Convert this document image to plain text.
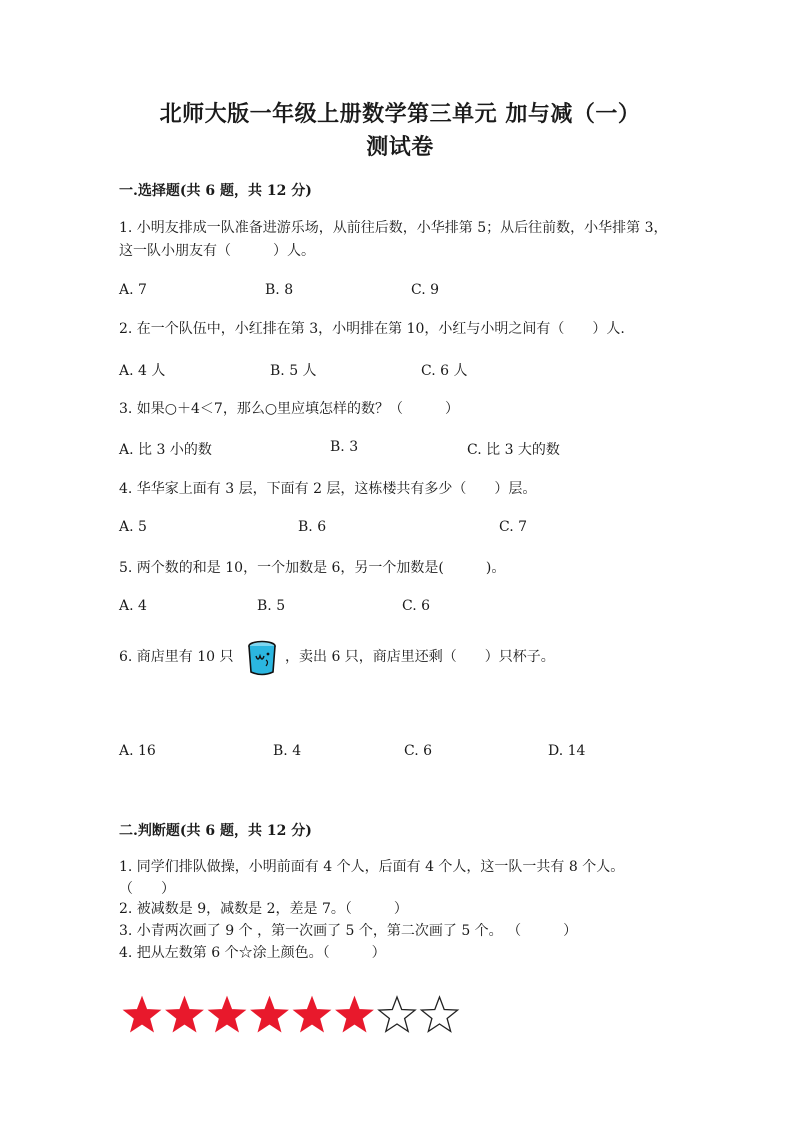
北师大版一年级上册数学第三单元 加与减（一）
测试卷
一.选择题(共 6 题，共 12 分)
1. 小明友排成一队准备进游乐场，从前往后数，小华排第 5；从后往前数，小华排第 3，这一队小朋友有（　　　）人。
A. 7	B. 8	C. 9
2. 在一个队伍中，小红排在第 3，小明排在第 10，小红与小明之间有（　　）人.
A. 4 人	B. 5 人	C. 6 人
3. 如果○＋4＜7，那么○里应填怎样的数？（　　　）
A. 比 3 小的数	B. 3	C. 比 3 大的数
4. 华华家上面有 3 层，下面有 2 层，这栋楼共有多少（　　）层。
A. 5	B. 6	C. 7
5. 两个数的和是 10，一个加数是 6，另一个加数是(　　　)。
A. 4	B. 5	C. 6
6. 商店里有 10 只	，卖出 6 只，商店里还剩（　　）只杯子。
A. 16	B. 4	C. 6	D. 14
二.判断题(共 6 题，共 12 分)
1. 同学们排队做操，小明前面有 4 个人，后面有 4 个人，这一队一共有 8 个人。　　　　（　　）
2. 被减数是 9，减数是 2，差是 7。（　　　）
3. 小青两次画了 9 个 ，第一次画了 5 个，第二次画了 5 个。 （　　　）
4. 把从左数第 6 个☆涂上颜色。（　　　）
